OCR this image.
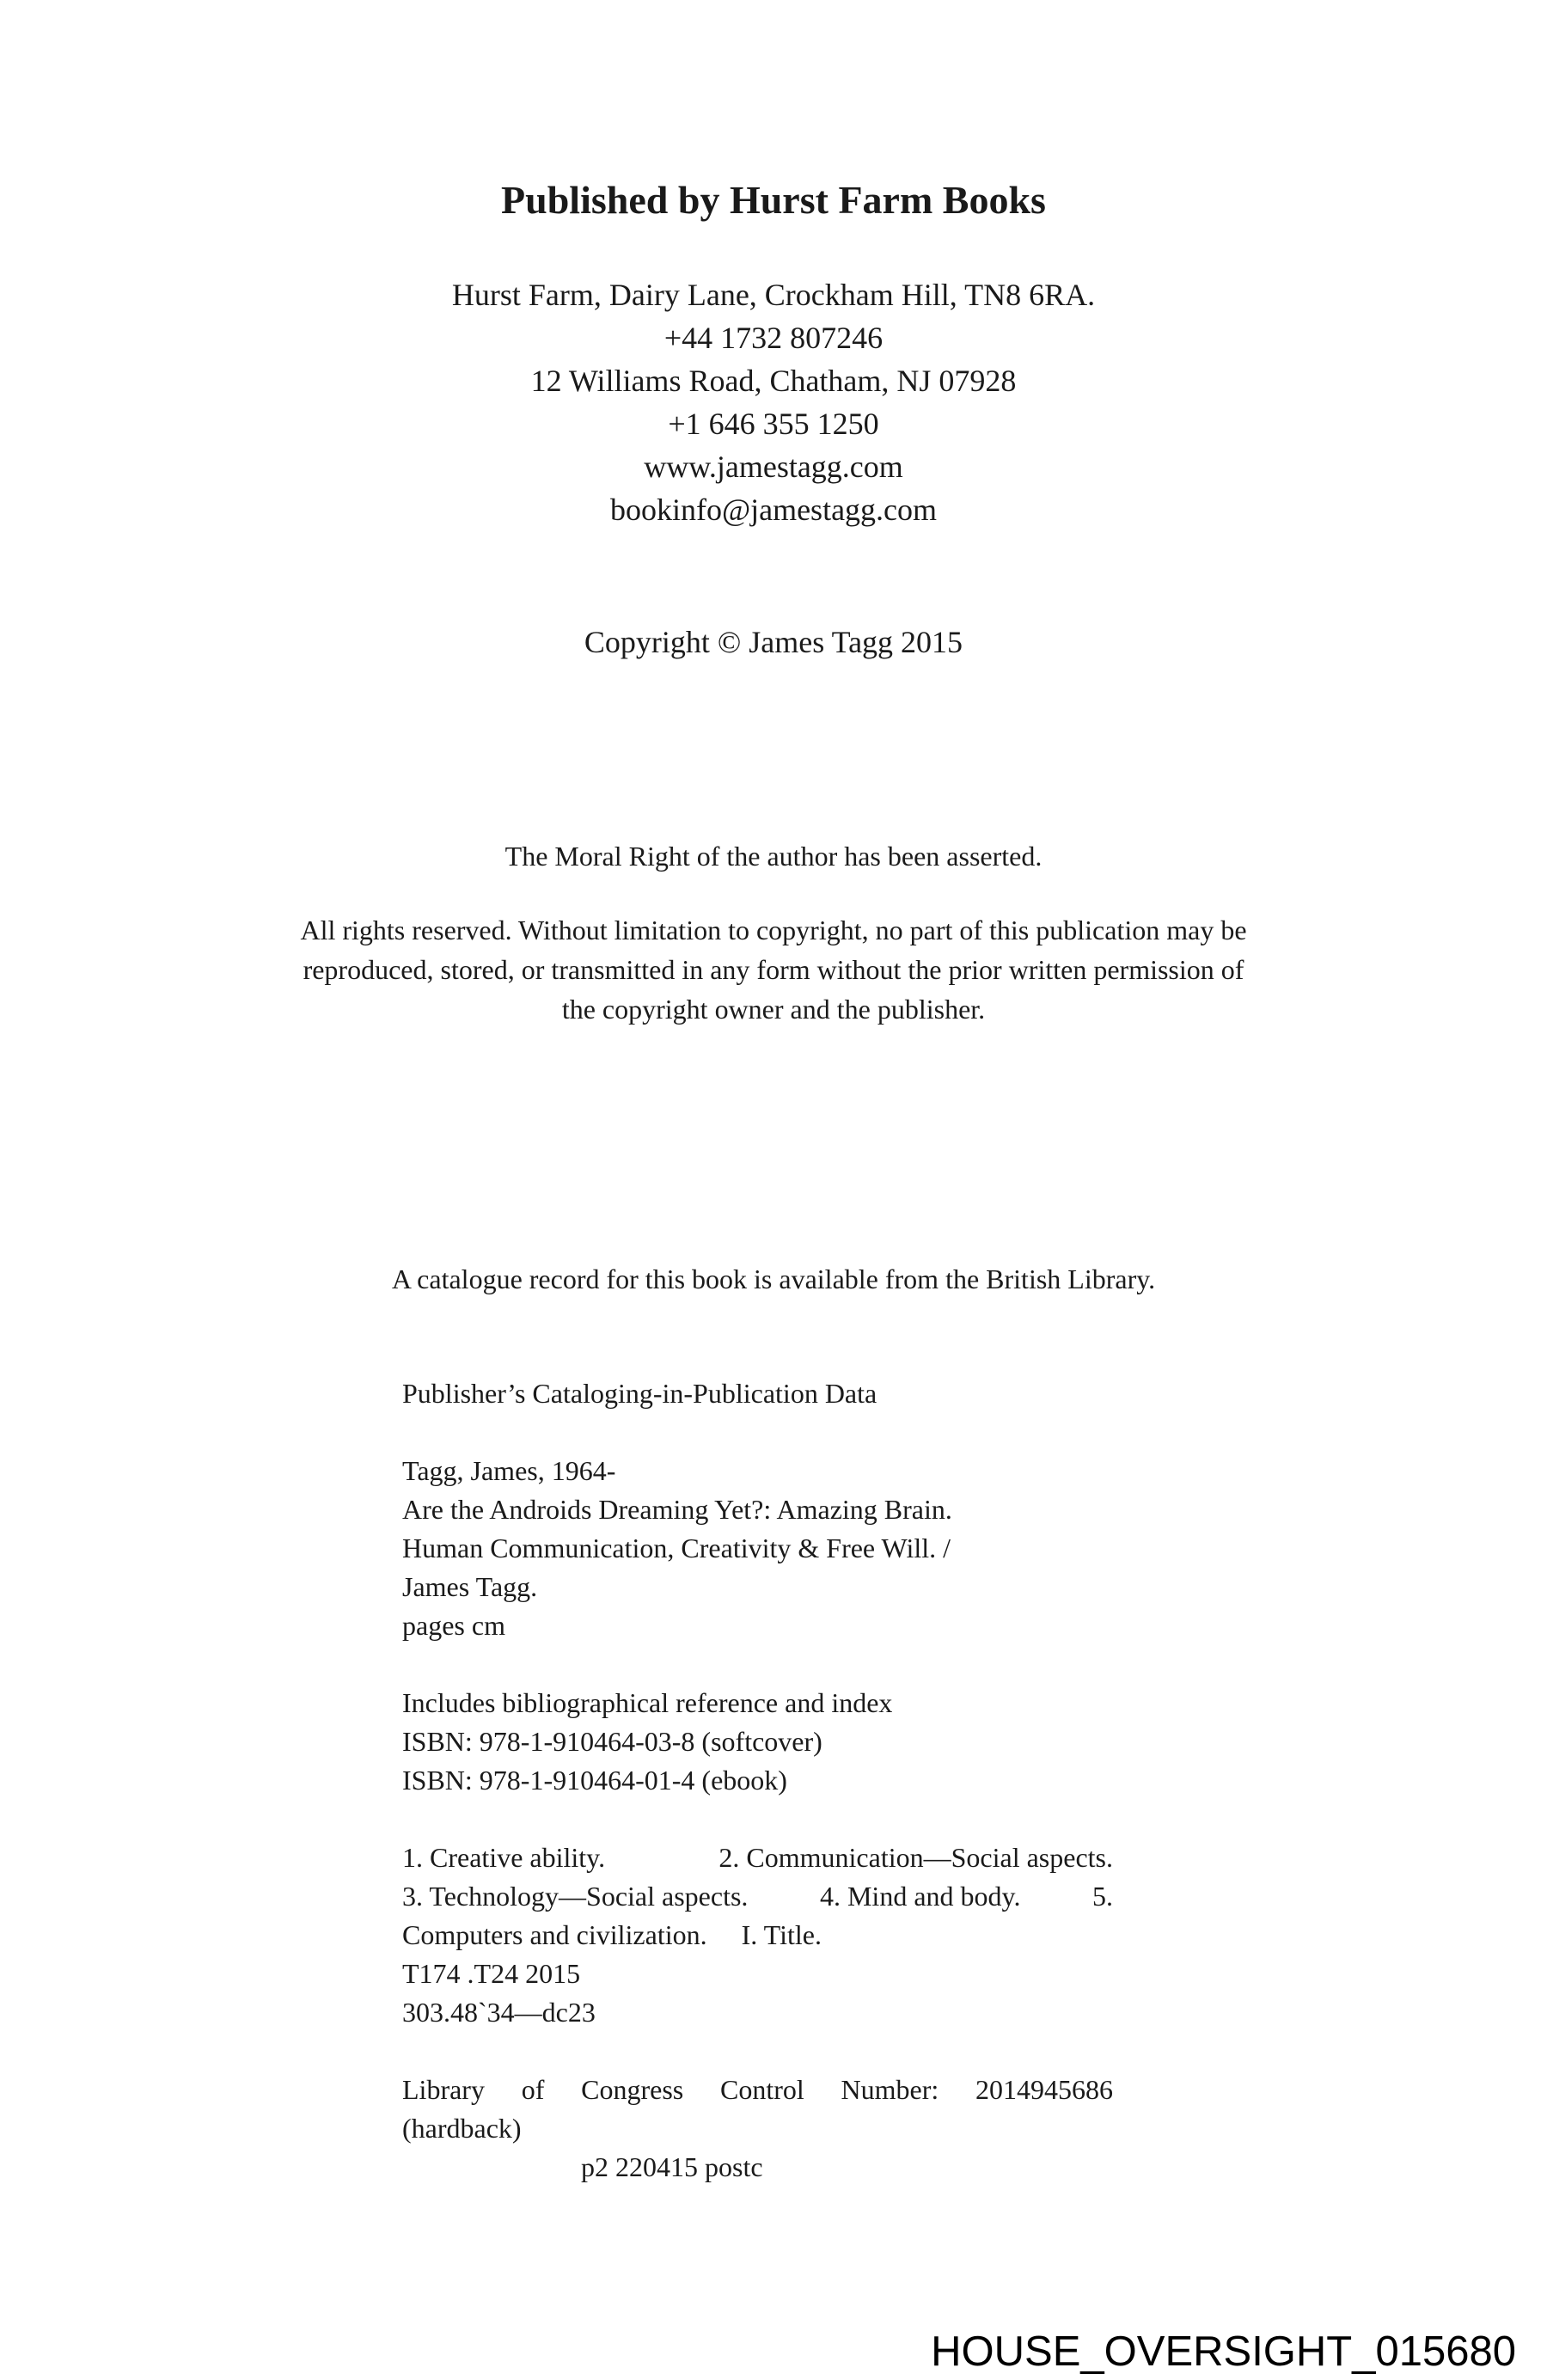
Published by Hurst Farm Books
Hurst Farm, Dairy Lane, Crockham Hill, TN8 6RA.
+44 1732 807246
12 Williams Road, Chatham, NJ 07928
+1 646 355 1250
www.jamestagg.com
bookinfo@jamestagg.com
Copyright © James Tagg 2015
The Moral Right of the author has been asserted.
All rights reserved. Without limitation to copyright, no part of this publication may be
reproduced, stored, or transmitted in any form without the prior written permission of
the copyright owner and the publisher.
A catalogue record for this book is available from the British Library.
Publisher’s Cataloging-in-Publication Data
Tagg, James, 1964-
Are the Androids Dreaming Yet?: Amazing Brain.
Human Communication, Creativity & Free Will. /
James Tagg.
pages cm
Includes bibliographical reference and index
ISBN: 978-1-910464-03-8 (softcover)
ISBN: 978-1-910464-01-4 (ebook)
1. Creative ability.	2. Communication—Social aspects.
3. Technology—Social aspects.	4. Mind and body.	5.
Computers and civilization.     I. Title.
T174 .T24 2015
303.48`34—dc23
Library of Congress Control Number: 2014945686
(hardback)
p2 220415 postc
HOUSE_OVERSIGHT_015680
